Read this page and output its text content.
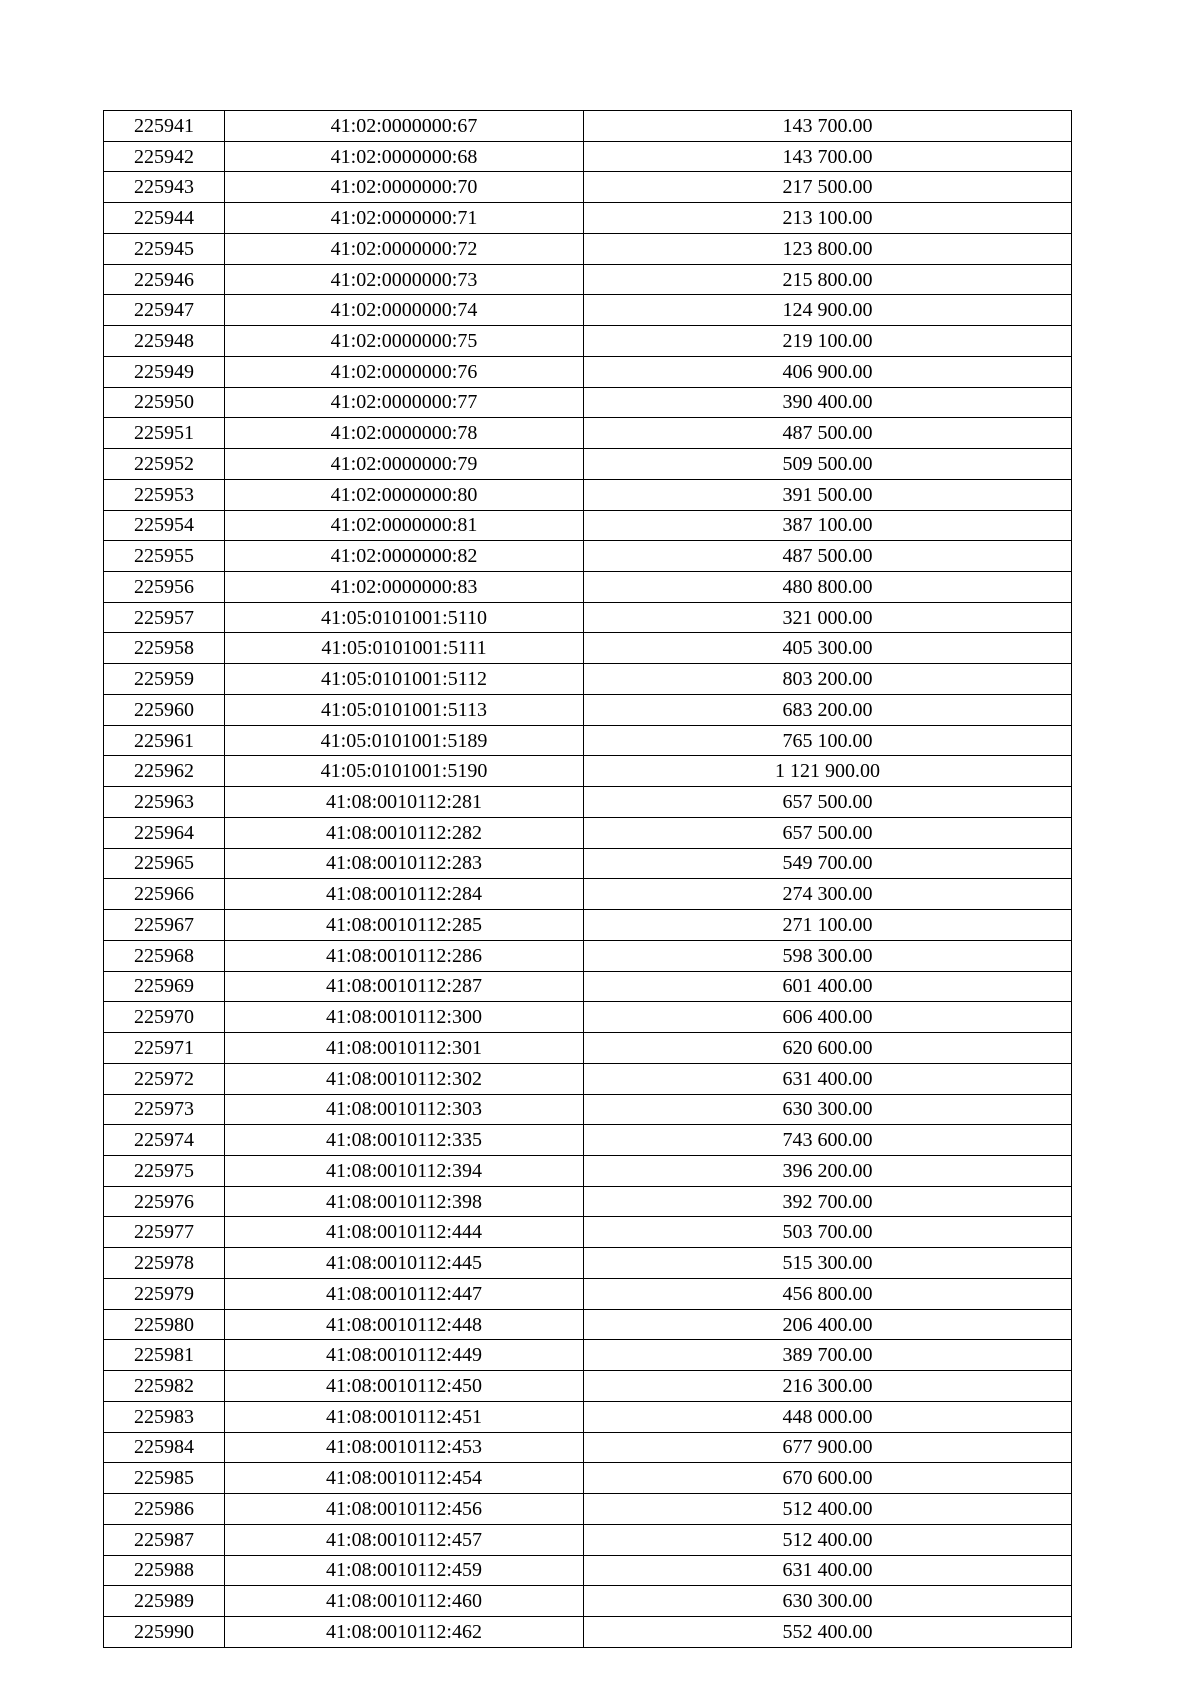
225941	41:02:0000000:67	143 700.00
225942	41:02:0000000:68	143 700.00
225943	41:02:0000000:70	217 500.00
225944	41:02:0000000:71	213 100.00
225945	41:02:0000000:72	123 800.00
225946	41:02:0000000:73	215 800.00
225947	41:02:0000000:74	124 900.00
225948	41:02:0000000:75	219 100.00
225949	41:02:0000000:76	406 900.00
225950	41:02:0000000:77	390 400.00
225951	41:02:0000000:78	487 500.00
225952	41:02:0000000:79	509 500.00
225953	41:02:0000000:80	391 500.00
225954	41:02:0000000:81	387 100.00
225955	41:02:0000000:82	487 500.00
225956	41:02:0000000:83	480 800.00
225957	41:05:0101001:5110	321 000.00
225958	41:05:0101001:5111	405 300.00
225959	41:05:0101001:5112	803 200.00
225960	41:05:0101001:5113	683 200.00
225961	41:05:0101001:5189	765 100.00
225962	41:05:0101001:5190	1 121 900.00
225963	41:08:0010112:281	657 500.00
225964	41:08:0010112:282	657 500.00
225965	41:08:0010112:283	549 700.00
225966	41:08:0010112:284	274 300.00
225967	41:08:0010112:285	271 100.00
225968	41:08:0010112:286	598 300.00
225969	41:08:0010112:287	601 400.00
225970	41:08:0010112:300	606 400.00
225971	41:08:0010112:301	620 600.00
225972	41:08:0010112:302	631 400.00
225973	41:08:0010112:303	630 300.00
225974	41:08:0010112:335	743 600.00
225975	41:08:0010112:394	396 200.00
225976	41:08:0010112:398	392 700.00
225977	41:08:0010112:444	503 700.00
225978	41:08:0010112:445	515 300.00
225979	41:08:0010112:447	456 800.00
225980	41:08:0010112:448	206 400.00
225981	41:08:0010112:449	389 700.00
225982	41:08:0010112:450	216 300.00
225983	41:08:0010112:451	448 000.00
225984	41:08:0010112:453	677 900.00
225985	41:08:0010112:454	670 600.00
225986	41:08:0010112:456	512 400.00
225987	41:08:0010112:457	512 400.00
225988	41:08:0010112:459	631 400.00
225989	41:08:0010112:460	630 300.00
225990	41:08:0010112:462	552 400.00
